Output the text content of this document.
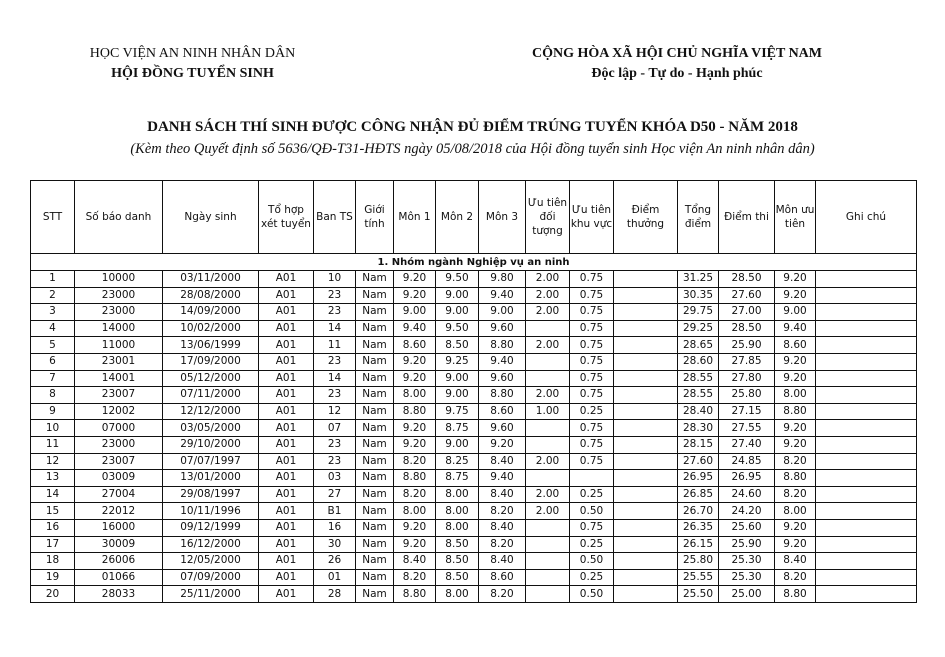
HỌC VIỆN AN NINH NHÂN DÂN
HỘI ĐỒNG TUYỂN SINH
CỘNG HÒA XÃ HỘI CHỦ NGHĨA VIỆT NAM
Độc lập - Tự do - Hạnh phúc
DANH SÁCH THÍ SINH ĐƯỢC CÔNG NHẬN ĐỦ ĐIỂM TRÚNG TUYỂN KHÓA D50 - NĂM 2018
(Kèm theo Quyết định số 5636/QĐ-T31-HĐTS ngày 05/08/2018 của Hội đồng tuyển sinh Học viện An ninh nhân dân)
STT	Số báo danh	Ngày sinh	Tổ hợp xét tuyển	Ban TS	Giới tính	Môn 1	Môn 2	Môn 3	Ưu tiên đối tượng	Ưu tiên khu vực	Điểm thưởng	Tổng điểm	Điểm thi	Môn ưu tiên	Ghi chú
1. Nhóm ngành Nghiệp vụ an ninh															
1	10000	03/11/2000	A01	10	Nam	9.20	9.50	9.80	2.00	0.75		31.25	28.50	9.20	
2	23000	28/08/2000	A01	23	Nam	9.20	9.00	9.40	2.00	0.75		30.35	27.60	9.20	
3	23000	14/09/2000	A01	23	Nam	9.00	9.00	9.00	2.00	0.75		29.75	27.00	9.00	
4	14000	10/02/2000	A01	14	Nam	9.40	9.50	9.60		0.75		29.25	28.50	9.40	
5	11000	13/06/1999	A01	11	Nam	8.60	8.50	8.80	2.00	0.75		28.65	25.90	8.60	
6	23001	17/09/2000	A01	23	Nam	9.20	9.25	9.40		0.75		28.60	27.85	9.20	
7	14001	05/12/2000	A01	14	Nam	9.20	9.00	9.60		0.75		28.55	27.80	9.20	
8	23007	07/11/2000	A01	23	Nam	8.00	9.00	8.80	2.00	0.75		28.55	25.80	8.00	
9	12002	12/12/2000	A01	12	Nam	8.80	9.75	8.60	1.00	0.25		28.40	27.15	8.80	
10	07000	03/05/2000	A01	07	Nam	9.20	8.75	9.60		0.75		28.30	27.55	9.20	
11	23000	29/10/2000	A01	23	Nam	9.20	9.00	9.20		0.75		28.15	27.40	9.20	
12	23007	07/07/1997	A01	23	Nam	8.20	8.25	8.40	2.00	0.75		27.60	24.85	8.20	
13	03009	13/01/2000	A01	03	Nam	8.80	8.75	9.40				26.95	26.95	8.80	
14	27004	29/08/1997	A01	27	Nam	8.20	8.00	8.40	2.00	0.25		26.85	24.60	8.20	
15	22012	10/11/1996	A01	B1	Nam	8.00	8.00	8.20	2.00	0.50		26.70	24.20	8.00	
16	16000	09/12/1999	A01	16	Nam	9.20	8.00	8.40		0.75		26.35	25.60	9.20	
17	30009	16/12/2000	A01	30	Nam	9.20	8.50	8.20		0.25		26.15	25.90	9.20	
18	26006	12/05/2000	A01	26	Nam	8.40	8.50	8.40		0.50		25.80	25.30	8.40	
19	01066	07/09/2000	A01	01	Nam	8.20	8.50	8.60		0.25		25.55	25.30	8.20	
20	28033	25/11/2000	A01	28	Nam	8.80	8.00	8.20		0.50		25.50	25.00	8.80	
